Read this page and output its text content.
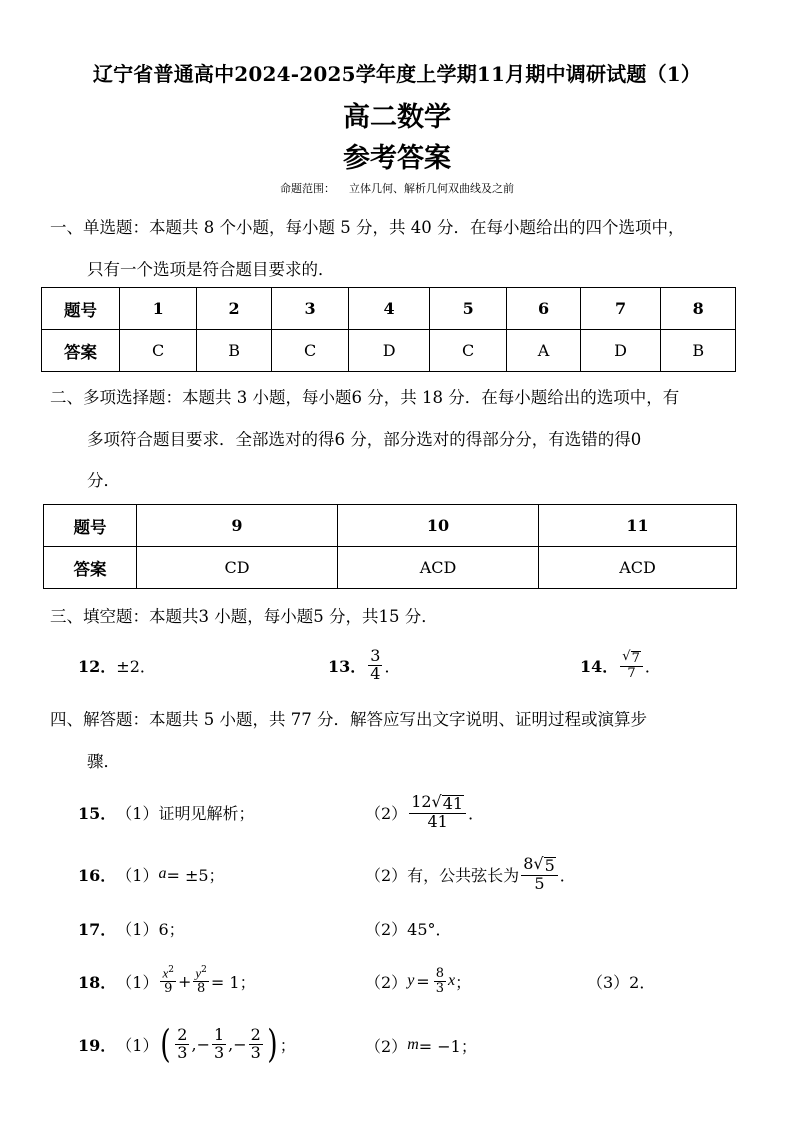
辽宁省普通高中2024-2025学年度上学期11月期中调研试题（1）
高二数学
参考答案
命题范围： 立体几何、解析几何双曲线及之前
一、单选题：本题共 8 个小题，每小题 5 分，共 40 分．在每小题给出的四个选项中，
只有一个选项是符合题目要求的．
题号	1	2	3	4	5	6	7	8
答案	C	B	C	D	C	A	D	B
二、多项选择题：本题共 3 小题，每小题6 分，共 18 分．在每小题给出的选项中，有
多项符合题目要求．全部选对的得6 分，部分选对的得部分分，有选错的得0
分．
题号	9	10	11
答案	CD	ACD	ACD
三、填空题：本题共3 小题，每小题5 分，共15 分．
12． ±2．	13． $\frac{3}{4}$ ．	14． $\frac{√ 7}{7}$ ．
四、解答题：本题共 5 小题，共 77 分．解答应写出文字说明、证明过程或演算步
骤．
15． （1）证明见解析；	$(2) \frac{12√ 41}{41}$ ．
16． （1） a = ±5；	（2）有，公共弦长为 $\frac{8√ 5}{5}$ ．
17． （1）6；	（2）45°．
18． $(1) \frac{x^2}{9} + \frac{y^2}{8} = 1$；	（2） $y = \frac{8}{3}$ x ；	（3）2．
19． （1） ( $\frac{2}{3}$ , − $\frac{1}{3}$ , − $\frac{2}{3}$ ) ；	（2） m = −1；
